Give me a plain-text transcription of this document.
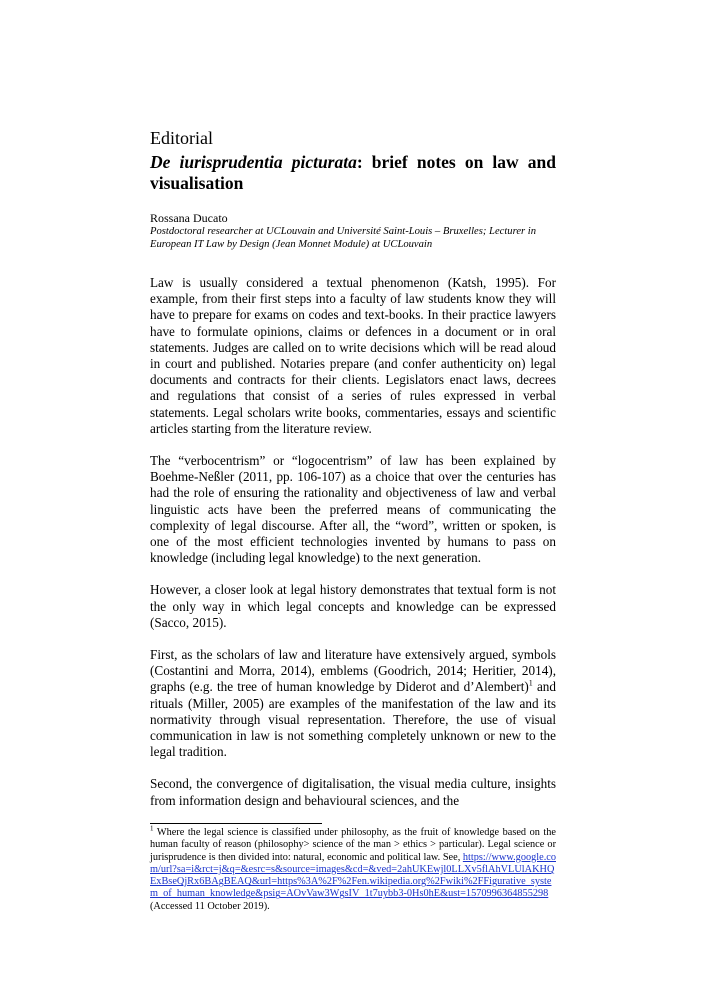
Editorial

De iurisprudentia picturata: brief notes on law and visualisation

Rossana Ducato

Postdoctoral researcher at UCLouvain and Université Saint-Louis – Bruxelles; Lecturer in European IT Law by Design (Jean Monnet Module) at UCLouvain

Law is usually considered a textual phenomenon (Katsh, 1995). For example, from their first steps into a faculty of law students know they will have to prepare for exams on codes and text-books. In their practice lawyers have to formulate opinions, claims or defences in a document or in oral statements. Judges are called on to write decisions which will be read aloud in court and published. Notaries prepare (and confer authenticity on) legal documents and contracts for their clients. Legislators enact laws, decrees and regulations that consist of a series of rules expressed in verbal statements. Legal scholars write books, commentaries, essays and scientific articles starting from the literature review.

The “verbocentrism” or “logocentrism” of law has been explained by Boehme-Neßler (2011, pp. 106-107) as a choice that over the centuries has had the role of ensuring the rationality and objectiveness of law and verbal linguistic acts have been the preferred means of communicating the complexity of legal discourse. After all, the “word”, written or spoken, is one of the most efficient technologies invented by humans to pass on knowledge (including legal knowledge) to the next generation.

However, a closer look at legal history demonstrates that textual form is not the only way in which legal concepts and knowledge can be expressed (Sacco, 2015).

First, as the scholars of law and literature have extensively argued, symbols (Costantini and Morra, 2014), emblems (Goodrich, 2014; Heritier, 2014), graphs (e.g. the tree of human knowledge by Diderot and d’Alembert)$^1$ and rituals (Miller, 2005) are examples of the manifestation of the law and its normativity through visual representation. Therefore, the use of visual communication in law is not something completely unknown or new to the legal tradition.

Second, the convergence of digitalisation, the visual media culture, insights from information design and behavioural sciences, and the

$^1$ Where the legal science is classified under philosophy, as the fruit of knowledge based on the human faculty of reason (philosophy> science of the man > ethics > particular). Legal science or jurisprudence is then divided into: natural, economic and political law. See, https://www.google.com/url?sa=i&rct=j&q=&esrc=s&source=images&cd=&ved=2ahUKEwjl0LLXv5flAhVLUlAKHQExBseQjRx6BAgBEAQ&url=https%3A%2F%2Fen.wikipedia.org%2Fwiki%2FFigurative_system_of_human_knowledge&psig=AOvVaw3WgsIV_1t7uybb3-0Hs0hE&ust=1570996364855298 (Accessed 11 October 2019).
